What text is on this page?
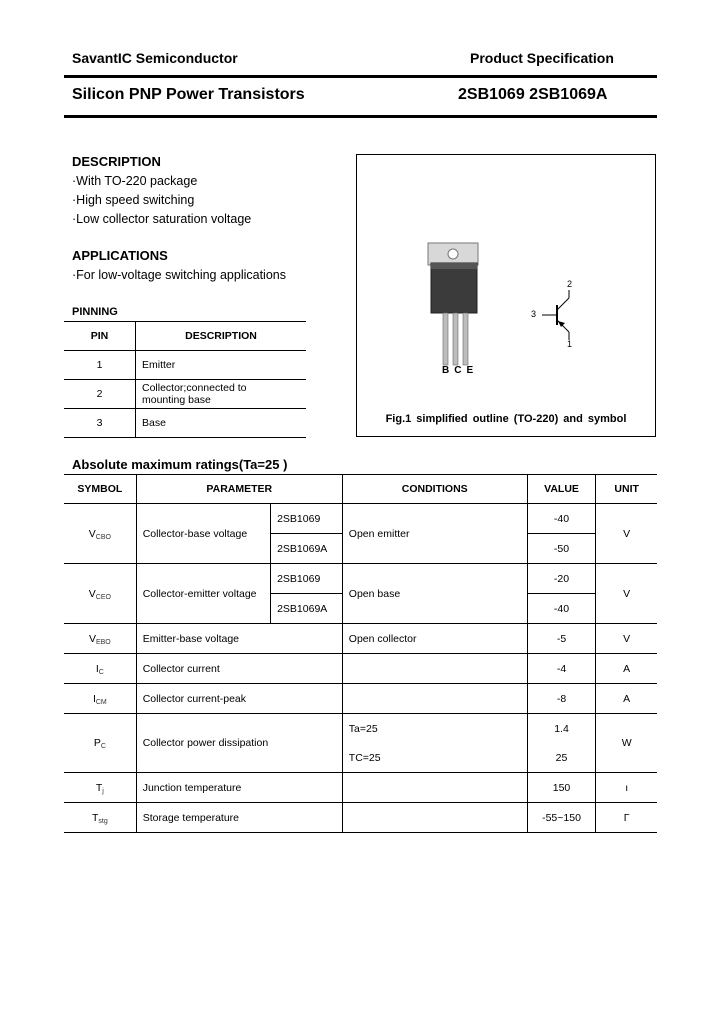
SavantIC Semiconductor	Product Specification
Silicon PNP Power Transistors	2SB1069 2SB1069A
DESCRIPTION
·With TO-220 package
·High speed switching
·Low collector saturation voltage
APPLICATIONS
·For low-voltage switching applications
PINNING
PIN	DESCRIPTION
1	Emitter
2	Collector;connected to mounting base
3	Base
BCE
2
3
1
Fig.1 simplified outline (TO-220) and symbol
Absolute maximum ratings(Ta=25 )
SYMBOL	PARAMETER		CONDITIONS	VALUE	UNIT
VCBO	Collector-base voltage	2SB1069	Open emitter	-40	V
		2SB1069A		-50	
VCEO	Collector-emitter voltage	2SB1069	Open base	-20	V
		2SB1069A		-40	
VEBO	Emitter-base voltage		Open collector	-5	V
IC	Collector current			-4	A
ICM	Collector current-peak			-8	A
PC	Collector power dissipation		Ta=25	1.4	W
			TC=25	25	
Tj	Junction temperature			150	ı
Tstg	Storage temperature			-55~150	Γ
